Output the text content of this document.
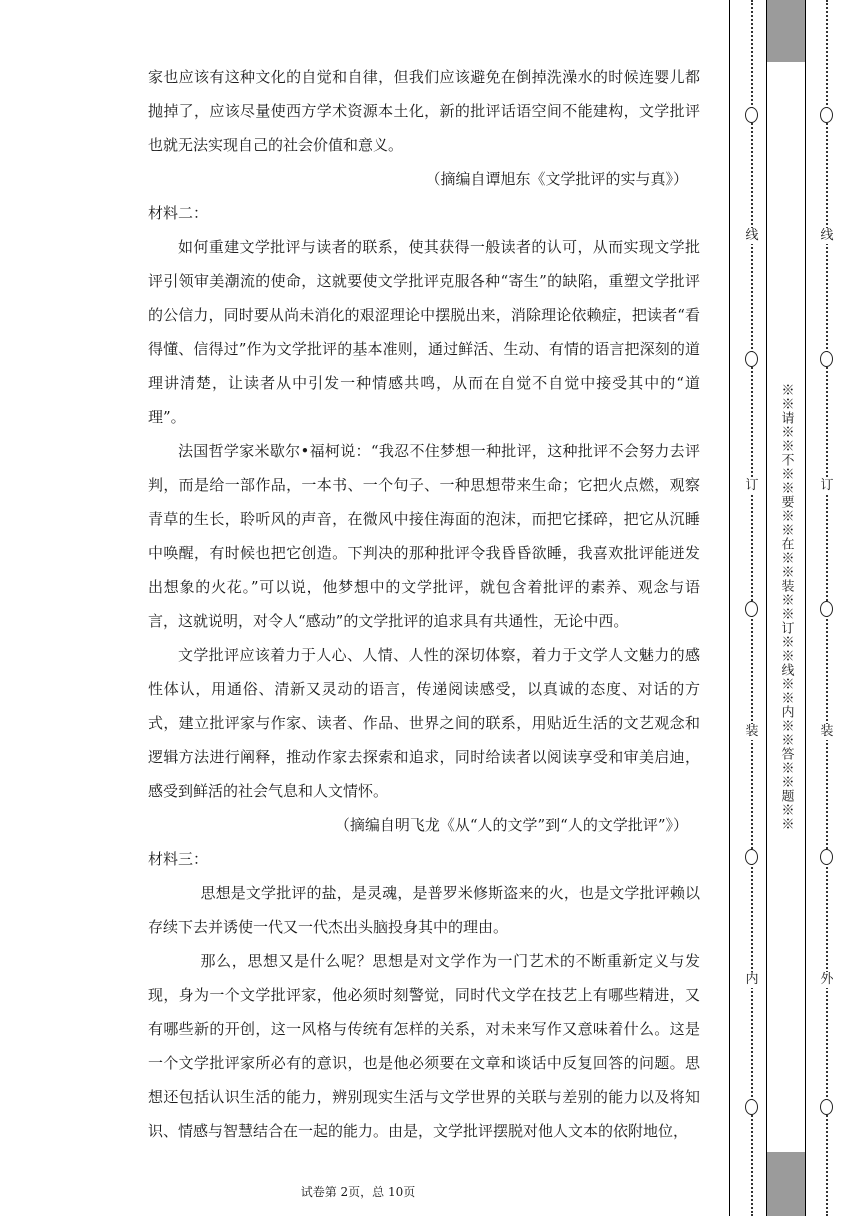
家也应该有这种文化的自觉和自律，但我们应该避免在倒掉洗澡水的时候连婴儿都抛掉了，应该尽量使西方学术资源本土化，新的批评话语空间不能建构，文学批评也就无法实现自己的社会价值和意义。

（摘编自谭旭东《文学批评的实与真》）

材料二：

如何重建文学批评与读者的联系，使其获得一般读者的认可，从而实现文学批评引领审美潮流的使命，这就要使文学批评克服各种“寄生”的缺陷，重塑文学批评的公信力，同时要从尚未消化的艰涩理论中摆脱出来，消除理论依赖症，把读者“看得懂、信得过”作为文学批评的基本准则，通过鲜活、生动、有情的语言把深刻的道理讲清楚，让读者从中引发一种情感共鸣，从而在自觉不自觉中接受其中的“道理”。

法国哲学家米歇尔•福柯说：“我忍不住梦想一种批评，这种批评不会努力去评判，而是给一部作品，一本书、一个句子、一种思想带来生命；它把火点燃，观察青草的生长，聆听风的声音，在微风中接住海面的泡沫，而把它揉碎，把它从沉睡中唤醒，有时候也把它创造。下判决的那种批评令我昏昏欲睡，我喜欢批评能迸发出想象的火花。”可以说，他梦想中的文学批评，就包含着批评的素养、观念与语言，这就说明，对令人“感动”的文学批评的追求具有共通性，无论中西。

文学批评应该着力于人心、人情、人性的深切体察，着力于文学人文魅力的感性体认，用通俗、清新又灵动的语言，传递阅读感受，以真诚的态度、对话的方式，建立批评家与作家、读者、作品、世界之间的联系，用贴近生活的文艺观念和逻辑方法进行阐释，推动作家去探索和追求，同时给读者以阅读享受和审美启迪，感受到鲜活的社会气息和人文情怀。

（摘编自明飞龙《从“人的文学”到“人的文学批评”》）

材料三：

思想是文学批评的盐，是灵魂，是普罗米修斯盗来的火，也是文学批评赖以存续下去并诱使一代又一代杰出头脑投身其中的理由。

那么，思想又是什么呢？思想是对文学作为一门艺术的不断重新定义与发现，身为一个文学批评家，他必须时刻警觉，同时代文学在技艺上有哪些精进，又有哪些新的开创，这一风格与传统有怎样的关系，对未来写作又意味着什么。这是一个文学批评家所必有的意识，也是他必须要在文章和谈话中反复回答的问题。思想还包括认识生活的能力，辨别现实生活与文学世界的关联与差别的能力以及将知识、情感与智慧结合在一起的能力。由是，文学批评摆脱对他人文本的依附地位，

试卷第 2页，总 10页
线
订
装
内
※※请※※不※※要※※在※※装※※订※※线※※内※※答※※题※※
线
订
装
外
